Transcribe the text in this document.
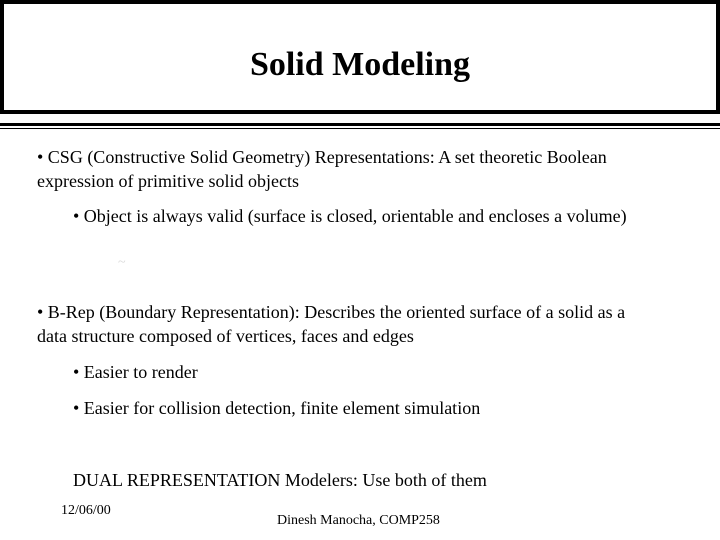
Solid Modeling

• CSG (Constructive Solid Geometry) Representations: A set theoretic Boolean expression of primitive solid objects

• Object is always valid (surface is closed, orientable and encloses a volume)

~

• B-Rep (Boundary Representation): Describes the oriented surface of a solid as a data structure composed of vertices, faces and edges

• Easier to render

• Easier for collision detection, finite element simulation

DUAL REPRESENTATION Modelers: Use both of them

12/06/00
Dinesh Manocha, COMP258
